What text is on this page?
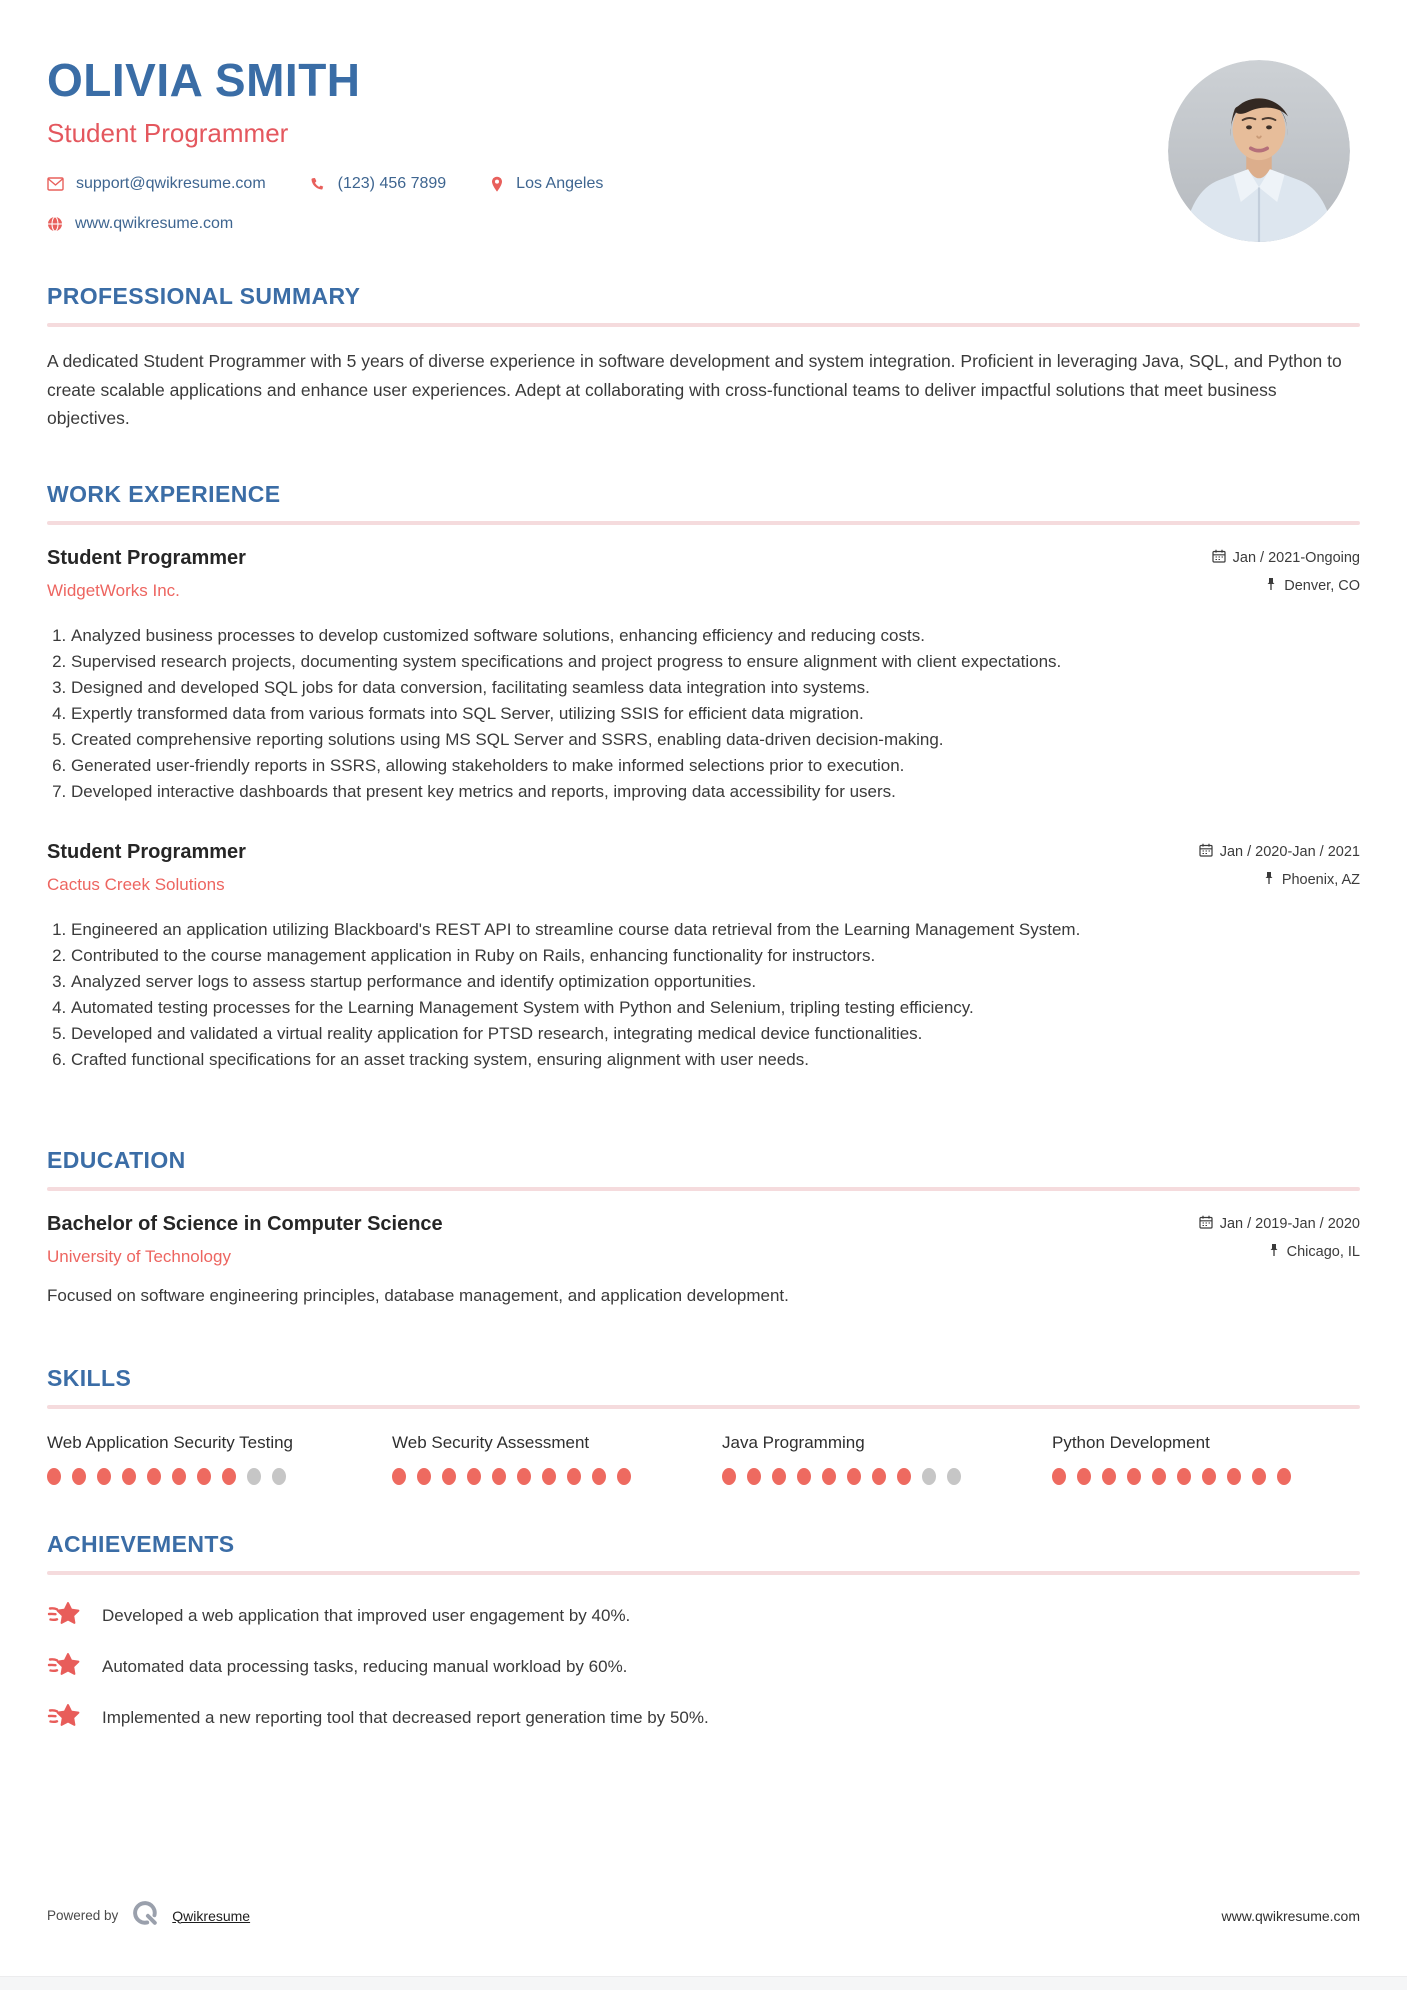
OLIVIA SMITH
Student Programmer
support@qwikresume.com	(123) 456 7899	Los Angeles
www.qwikresume.com
PROFESSIONAL SUMMARY
A dedicated Student Programmer with 5 years of diverse experience in software development and system integration. Proficient in leveraging Java, SQL, and Python to create scalable applications and enhance user experiences. Adept at collaborating with cross-functional teams to deliver impactful solutions that meet business objectives.
WORK EXPERIENCE
Student Programmer
WidgetWorks Inc.
Jan / 2021-Ongoing
Denver, CO
1. Analyzed business processes to develop customized software solutions, enhancing efficiency and reducing costs.
2. Supervised research projects, documenting system specifications and project progress to ensure alignment with client expectations.
3. Designed and developed SQL jobs for data conversion, facilitating seamless data integration into systems.
4. Expertly transformed data from various formats into SQL Server, utilizing SSIS for efficient data migration.
5. Created comprehensive reporting solutions using MS SQL Server and SSRS, enabling data-driven decision-making.
6. Generated user-friendly reports in SSRS, allowing stakeholders to make informed selections prior to execution.
7. Developed interactive dashboards that present key metrics and reports, improving data accessibility for users.
Student Programmer
Cactus Creek Solutions
Jan / 2020-Jan / 2021
Phoenix, AZ
1. Engineered an application utilizing Blackboard's REST API to streamline course data retrieval from the Learning Management System.
2. Contributed to the course management application in Ruby on Rails, enhancing functionality for instructors.
3. Analyzed server logs to assess startup performance and identify optimization opportunities.
4. Automated testing processes for the Learning Management System with Python and Selenium, tripling testing efficiency.
5. Developed and validated a virtual reality application for PTSD research, integrating medical device functionalities.
6. Crafted functional specifications for an asset tracking system, ensuring alignment with user needs.
EDUCATION
Bachelor of Science in Computer Science
University of Technology
Jan / 2019-Jan / 2020
Chicago, IL
Focused on software engineering principles, database management, and application development.
SKILLS
Web Application Security Testing	Web Security Assessment	Java Programming	Python Development
ACHIEVEMENTS
Developed a web application that improved user engagement by 40%.
Automated data processing tasks, reducing manual workload by 60%.
Implemented a new reporting tool that decreased report generation time by 50%.
Powered by	Qwikresume	www.qwikresume.com
